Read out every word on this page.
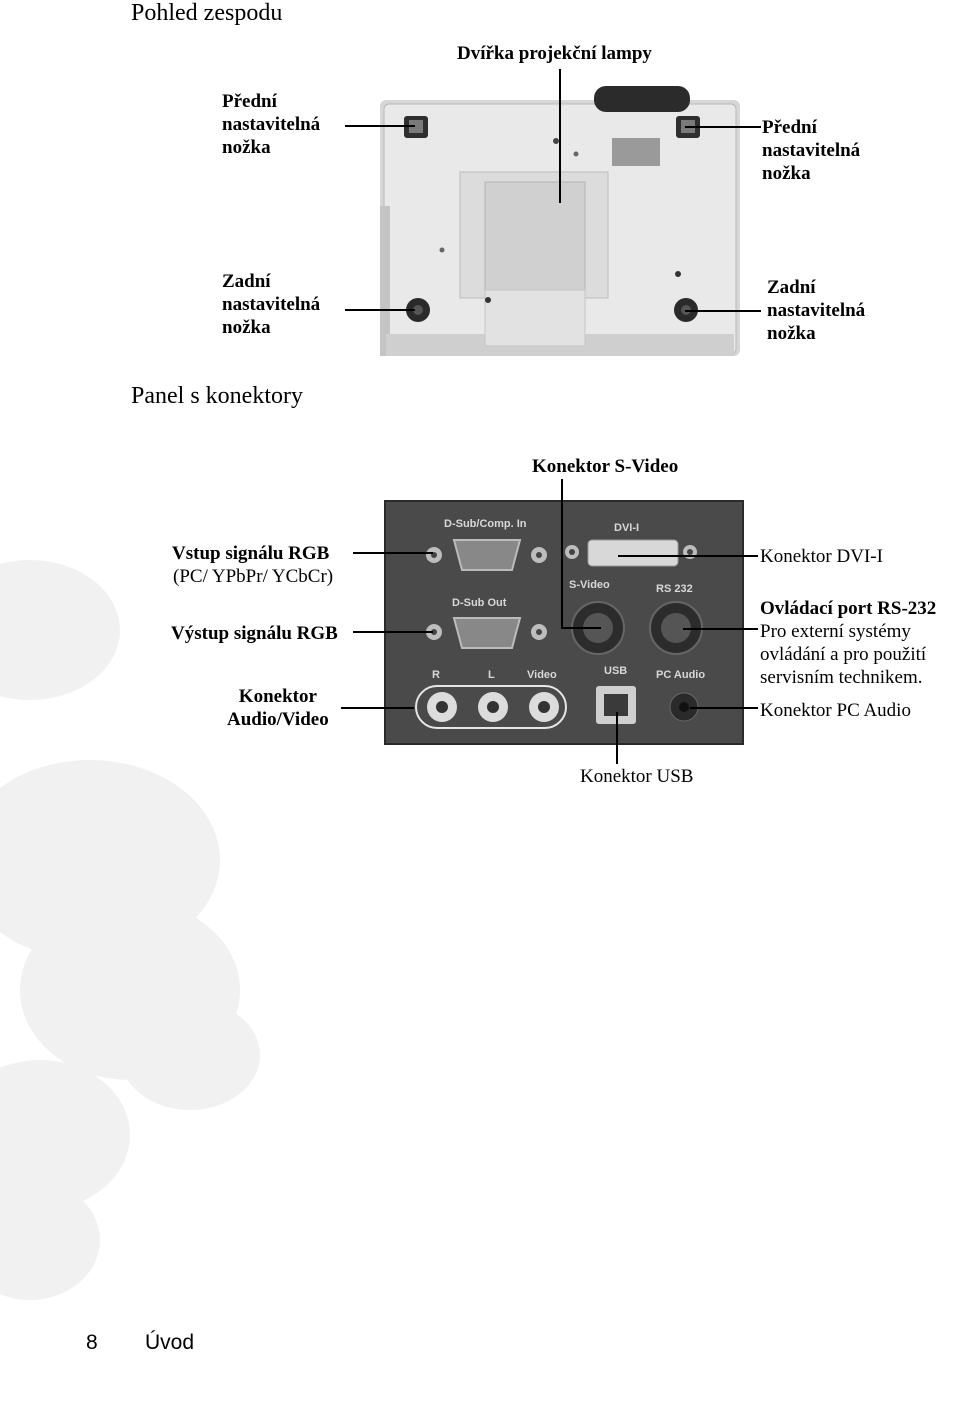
Pohled zespodu
Dvířka projekční lampy
Přední
nastavitelná
nožka
Přední
nastavitelná
nožka
Zadní
nastavitelná
nožka
Zadní
nastavitelná
nožka
Panel s konektory
Konektor S-Video
Vstup signálu RGB
(PC/ YPbPr/ YCbCr)
Výstup signálu RGB
Konektor
Audio/Video
Konektor DVI-I
Ovládací port RS-232
Pro externí systémy
ovládání a pro použití
servisním technikem.
Konektor PC Audio
Konektor USB
D-Sub/Comp. In
D-Sub Out
DVI-I
S-Video	RS 232
R	L	Video	USB	PC Audio
8 Úvod
